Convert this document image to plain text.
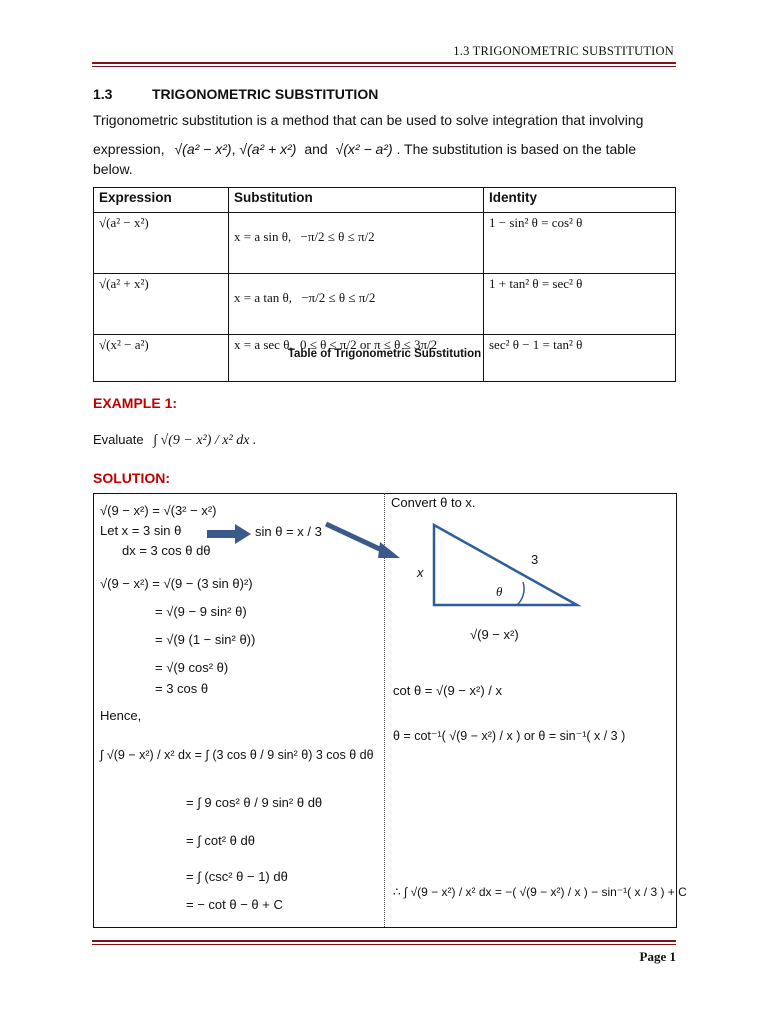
1.3 TRIGONOMETRIC SUBSTITUTION
1.3	TRIGONOMETRIC SUBSTITUTION
Trigonometric substitution is a method that can be used to solve integration that involving
expression, √(a² − x²), √(a² + x²) and √(x² − a²) . The substitution is based on the table below.
Expression	Substitution	Identity
√(a² − x²)	x = a sin θ, −π/2 ≤ θ ≤ π/2	1 − sin² θ = cos² θ
√(a² + x²)	x = a tan θ, −π/2 ≤ θ ≤ π/2	1 + tan² θ = sec² θ
√(x² − a²)	x = a sec θ, 0 ≤ θ ≤ π/2 or π ≤ θ ≤ 3π/2	sec² θ − 1 = tan² θ
Table of Trigonometric Substitution
EXAMPLE 1:
Evaluate ∫ √(9 − x²) / x² dx .
SOLUTION:
√(9 − x²) = √(3² − x²)
Let x = 3 sin θ
dx = 3 cos θ dθ
sin θ = x / 3
√(9 − x²) = √(9 − (3 sin θ)²)
= √(9 − 9 sin² θ)
= √(9 (1 − sin² θ))
= √(9 cos² θ)
= 3 cos θ
Hence,
∫ √(9 − x²) / x² dx = ∫ (3 cos θ / 9 sin² θ) 3 cos θ dθ
= ∫ 9 cos² θ / 9 sin² θ dθ
= ∫ cot² θ dθ
= ∫ (csc² θ − 1) dθ
= − cot θ − θ + C
Convert θ to x.
3
x
θ
√(9 − x²)
cot θ = √(9 − x²) / x
θ = cot⁻¹( √(9 − x²) / x ) or θ = sin⁻¹( x / 3 )
∴ ∫ √(9 − x²) / x² dx = −( √(9 − x²) / x ) − sin⁻¹( x / 3 ) + C
Page 1
